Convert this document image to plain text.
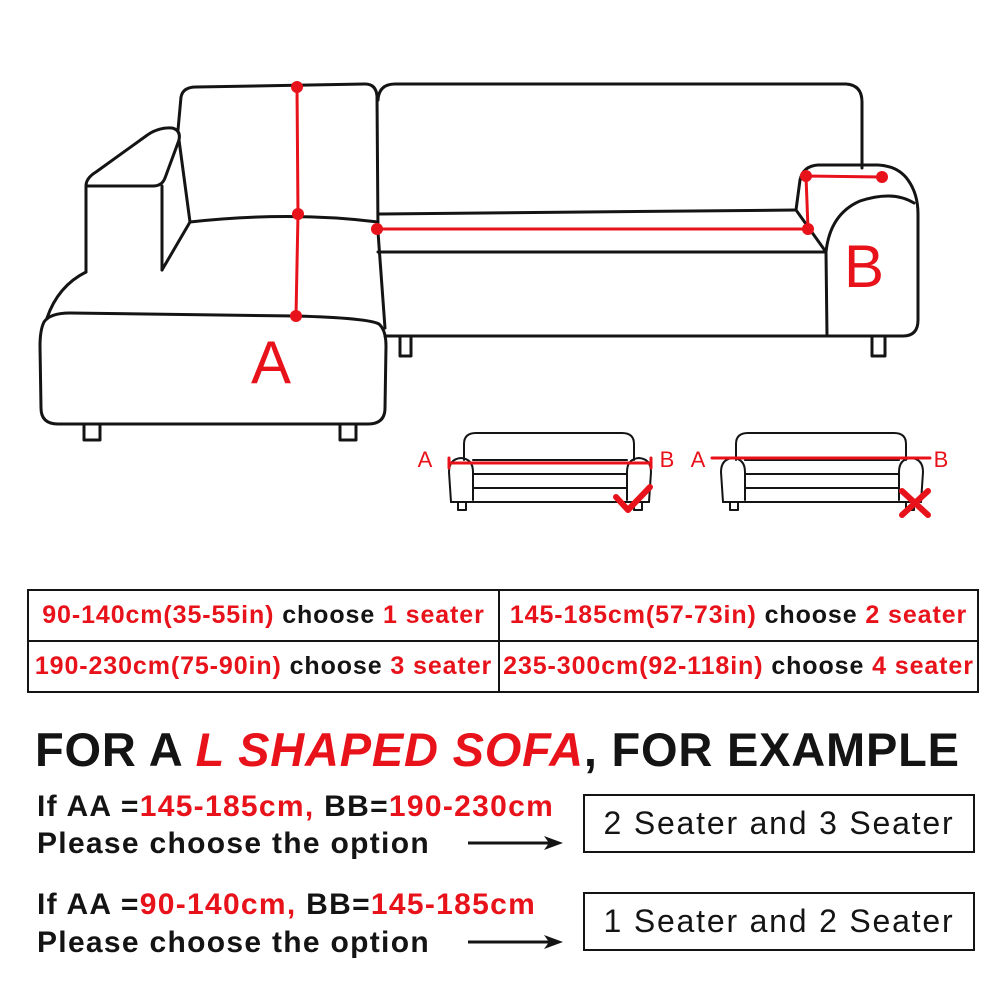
A
B
A	B A	B
90-140cm(35-55in) choose 1 seater	145-185cm(57-73in) choose 2 seater
190-230cm(75-90in) choose 3 seater	235-300cm(92-118in) choose 4 seater
FOR A L SHAPED SOFA, FOR EXAMPLE
If AA =145-185cm, BB=190-230cm
Please choose the option
2 Seater and 3 Seater
If AA =90-140cm, BB=145-185cm
Please choose the option
1 Seater and 2 Seater
